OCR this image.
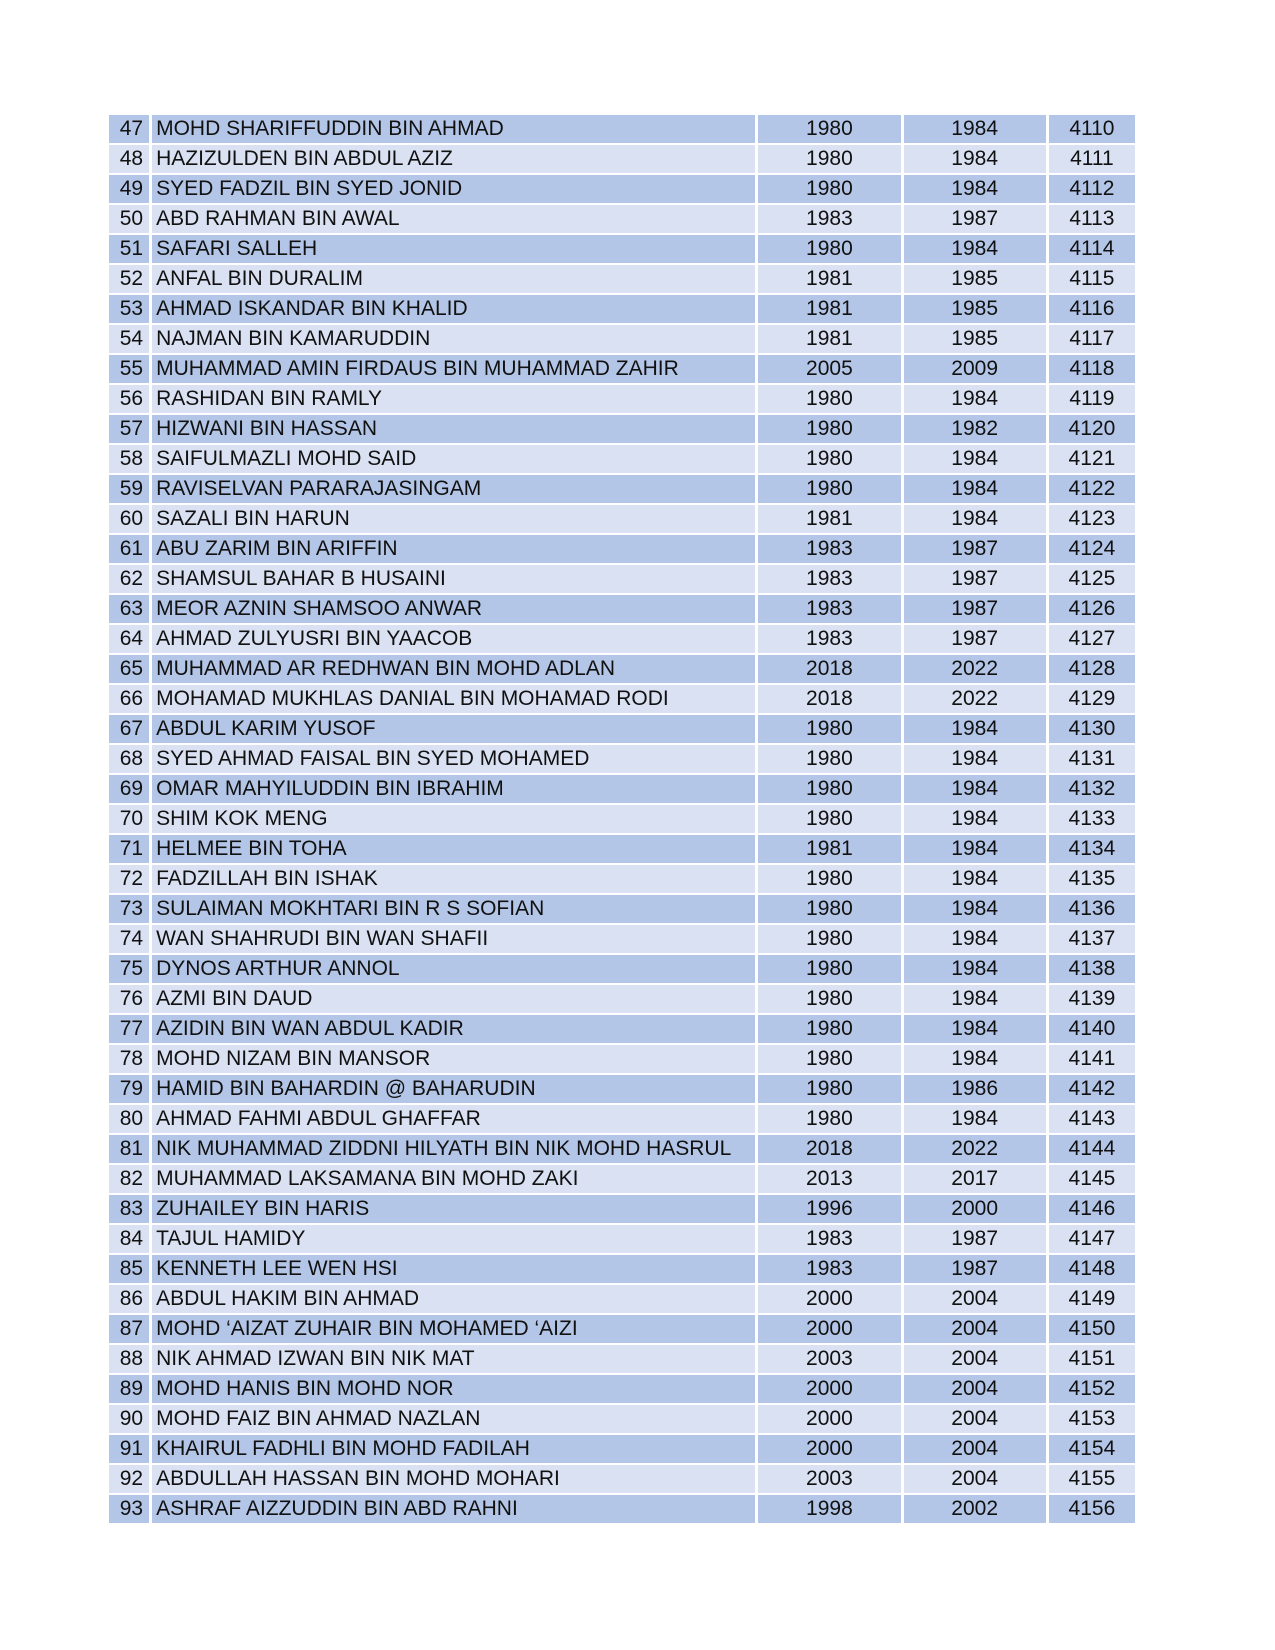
47	MOHD SHARIFFUDDIN BIN AHMAD	1980	1984	4110
48	HAZIZULDEN BIN ABDUL AZIZ	1980	1984	4111
49	SYED FADZIL BIN SYED JONID	1980	1984	4112
50	ABD RAHMAN BIN AWAL	1983	1987	4113
51	SAFARI SALLEH	1980	1984	4114
52	ANFAL BIN DURALIM	1981	1985	4115
53	AHMAD ISKANDAR BIN KHALID	1981	1985	4116
54	NAJMAN BIN KAMARUDDIN	1981	1985	4117
55	MUHAMMAD AMIN FIRDAUS BIN MUHAMMAD ZAHIR	2005	2009	4118
56	RASHIDAN BIN RAMLY	1980	1984	4119
57	HIZWANI BIN HASSAN	1980	1982	4120
58	SAIFULMAZLI MOHD SAID	1980	1984	4121
59	RAVISELVAN PARARAJASINGAM	1980	1984	4122
60	SAZALI BIN HARUN	1981	1984	4123
61	ABU ZARIM BIN ARIFFIN	1983	1987	4124
62	SHAMSUL BAHAR B HUSAINI	1983	1987	4125
63	MEOR AZNIN SHAMSOO ANWAR	1983	1987	4126
64	AHMAD ZULYUSRI BIN YAACOB	1983	1987	4127
65	MUHAMMAD AR REDHWAN BIN MOHD ADLAN	2018	2022	4128
66	MOHAMAD MUKHLAS DANIAL BIN MOHAMAD RODI	2018	2022	4129
67	ABDUL KARIM YUSOF	1980	1984	4130
68	SYED AHMAD FAISAL BIN SYED MOHAMED	1980	1984	4131
69	OMAR MAHYILUDDIN BIN IBRAHIM	1980	1984	4132
70	SHIM KOK MENG	1980	1984	4133
71	HELMEE BIN TOHA	1981	1984	4134
72	FADZILLAH BIN ISHAK	1980	1984	4135
73	SULAIMAN MOKHTARI BIN R S SOFIAN	1980	1984	4136
74	WAN SHAHRUDI BIN WAN SHAFII	1980	1984	4137
75	DYNOS ARTHUR ANNOL	1980	1984	4138
76	AZMI BIN DAUD	1980	1984	4139
77	AZIDIN BIN WAN ABDUL KADIR	1980	1984	4140
78	MOHD NIZAM BIN MANSOR	1980	1984	4141
79	HAMID BIN BAHARDIN @ BAHARUDIN	1980	1986	4142
80	AHMAD FAHMI ABDUL GHAFFAR	1980	1984	4143
81	NIK MUHAMMAD ZIDDNI HILYATH BIN NIK MOHD HASRUL	2018	2022	4144
82	MUHAMMAD LAKSAMANA BIN MOHD ZAKI	2013	2017	4145
83	ZUHAILEY BIN HARIS	1996	2000	4146
84	TAJUL HAMIDY	1983	1987	4147
85	KENNETH LEE WEN HSI	1983	1987	4148
86	ABDUL HAKIM BIN AHMAD	2000	2004	4149
87	MOHD ‘AIZAT ZUHAIR BIN MOHAMED ‘AIZI	2000	2004	4150
88	NIK AHMAD IZWAN BIN NIK MAT	2003	2004	4151
89	MOHD HANIS BIN MOHD NOR	2000	2004	4152
90	MOHD FAIZ BIN AHMAD NAZLAN	2000	2004	4153
91	KHAIRUL FADHLI BIN MOHD FADILAH	2000	2004	4154
92	ABDULLAH HASSAN BIN MOHD MOHARI	2003	2004	4155
93	ASHRAF AIZZUDDIN BIN ABD RAHNI	1998	2002	4156
